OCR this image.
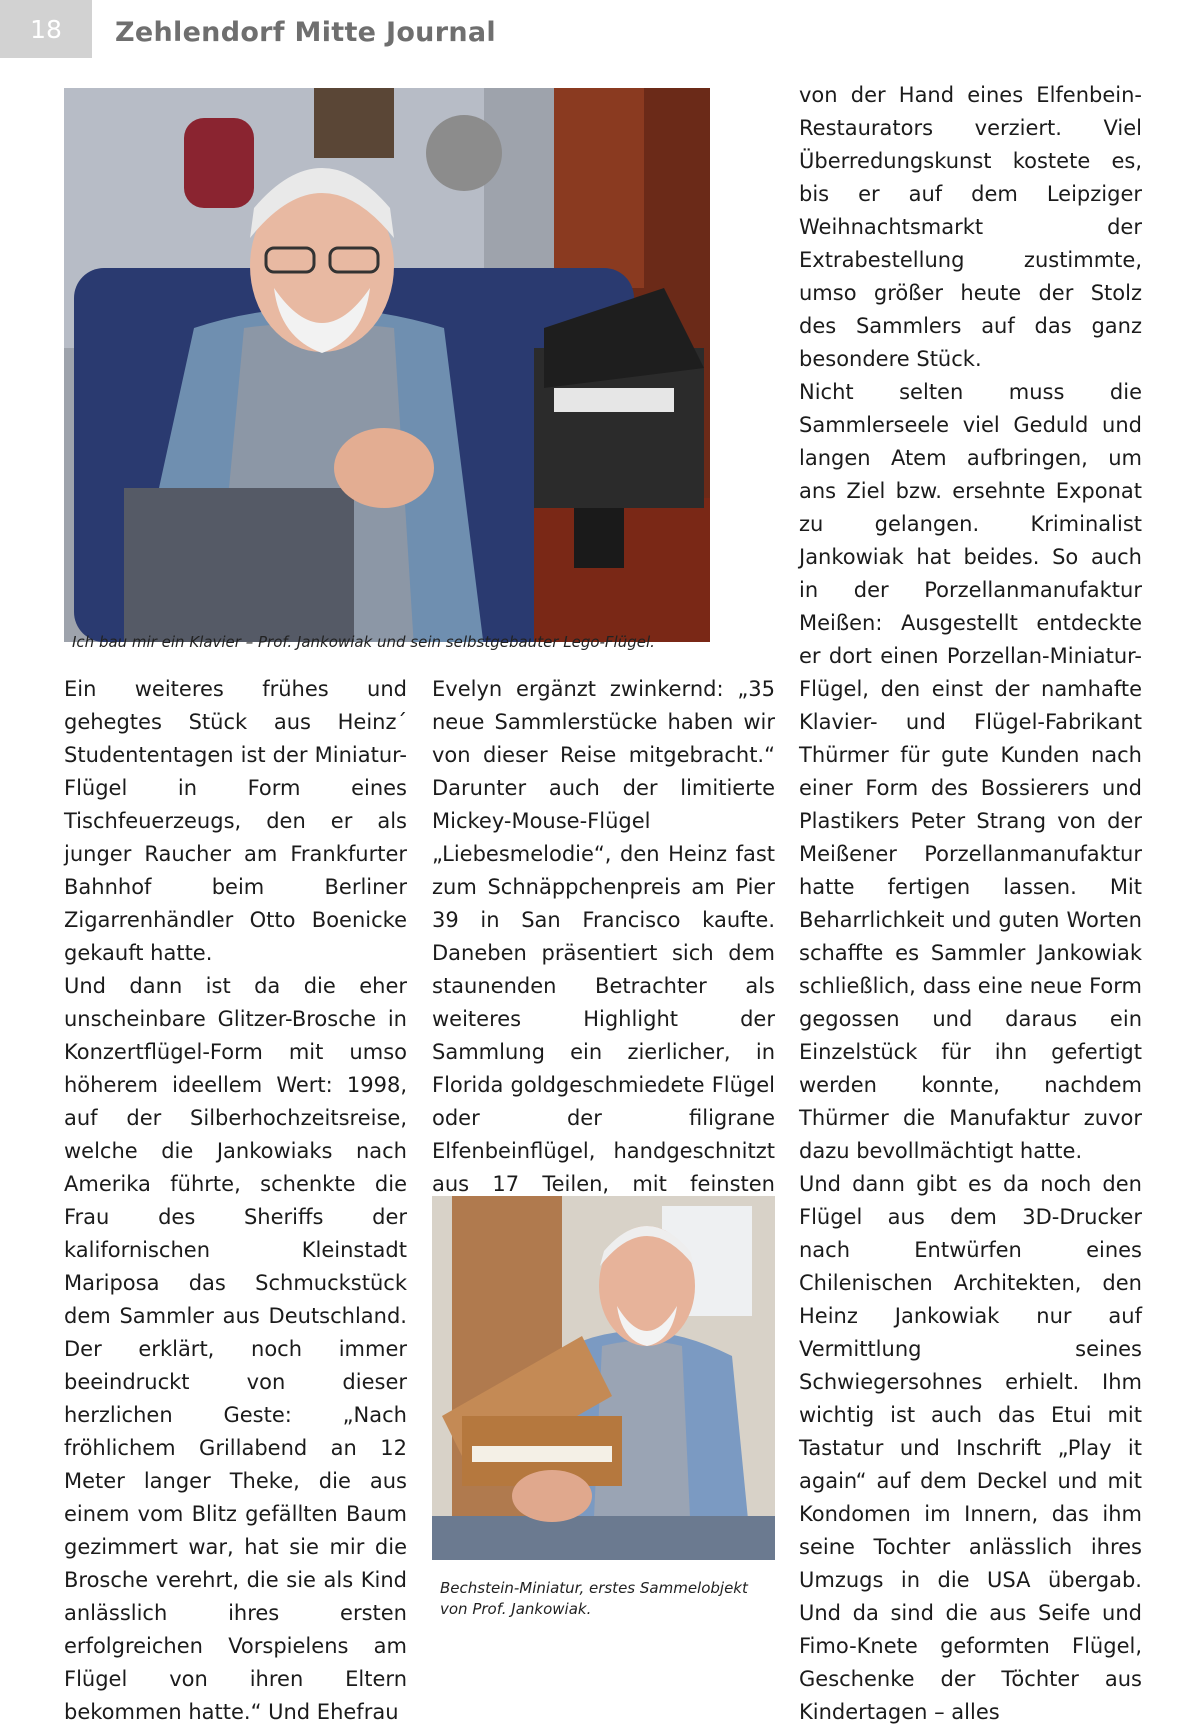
18 Zehlendorf Mitte Journal
Ich bau mir ein Klavier – Prof. Jankowiak und sein selbstgebauter Lego-Flügel.

Ein weiteres frühes und gehegtes Stück aus Heinz´ Studententagen ist der Miniatur-Flügel in Form eines Tischfeuerzeugs, den er als junger Raucher am Frankfurter Bahnhof beim Berliner Zigarrenhändler Otto Boenicke gekauft hatte.

Und dann ist da die eher unscheinbare Glitzer-Brosche in Konzertflügel-Form mit umso höherem ideellem Wert: 1998, auf der Silberhochzeitsreise, welche die Jankowiaks nach Amerika führte, schenkte die Frau des Sheriffs der kalifornischen Kleinstadt Mariposa das Schmuckstück dem Sammler aus Deutschland. Der erklärt, noch immer beeindruckt von dieser herzlichen Geste: „Nach fröhlichem Grillabend an 12 Meter langer Theke, die aus einem vom Blitz gefällten Baum gezimmert war, hat sie mir die Brosche verehrt, die sie als Kind anlässlich ihres ersten erfolgreichen Vorspielens am Flügel von ihren Eltern bekommen hatte.“ Und Ehefrau

Evelyn ergänzt zwinkernd: „35 neue Sammlerstücke haben wir von dieser Reise mitgebracht.“ Darunter auch der limitierte Mickey-Mouse-Flügel „Liebesmelodie“, den Heinz fast zum Schnäppchenpreis am Pier 39 in San Francisco kaufte. Daneben präsentiert sich dem staunenden Betrachter als weiteres Highlight der Sammlung ein zierlicher, in Florida goldgeschmiedete Flügel oder der filigrane Elfenbeinflügel, handgeschnitzt aus 17 Teilen, mit feinsten

Bechstein-Miniatur, erstes Sammelobjekt
von Prof. Jankowiak.

von der Hand eines Elfenbein-Restaurators verziert. Viel Überredungskunst kostete es, bis er auf dem Leipziger Weihnachtsmarkt der Extrabestellung zustimmte, umso größer heute der Stolz des Sammlers auf das ganz besondere Stück.

Nicht selten muss die Sammlerseele viel Geduld und langen Atem aufbringen, um ans Ziel bzw. ersehnte Exponat zu gelangen. Kriminalist Jankowiak hat beides. So auch in der Porzellanmanufaktur Meißen: Ausgestellt entdeckte er dort einen Porzellan-Miniatur-Flügel, den einst der namhafte Klavier- und Flügel-Fabrikant Thürmer für gute Kunden nach einer Form des Bossierers und Plastikers Peter Strang von der Meißener Porzellanmanufaktur hatte fertigen lassen. Mit Beharrlichkeit und guten Worten schaffte es Sammler Jankowiak schließlich, dass eine neue Form gegossen und daraus ein Einzelstück für ihn gefertigt werden konnte, nachdem Thürmer die Manufaktur zuvor dazu bevollmächtigt hatte.

Und dann gibt es da noch den Flügel aus dem 3D-Drucker nach Entwürfen eines Chilenischen Architekten, den Heinz Jankowiak nur auf Vermittlung seines Schwiegersohnes erhielt. Ihm wichtig ist auch das Etui mit Tastatur und Inschrift „Play it again“ auf dem Deckel und mit Kondomen im Innern, das ihm seine Tochter anlässlich ihres Umzugs in die USA übergab. Und da sind die aus Seife und Fimo-Knete geformten Flügel, Geschenke der Töchter aus Kindertagen – alles
